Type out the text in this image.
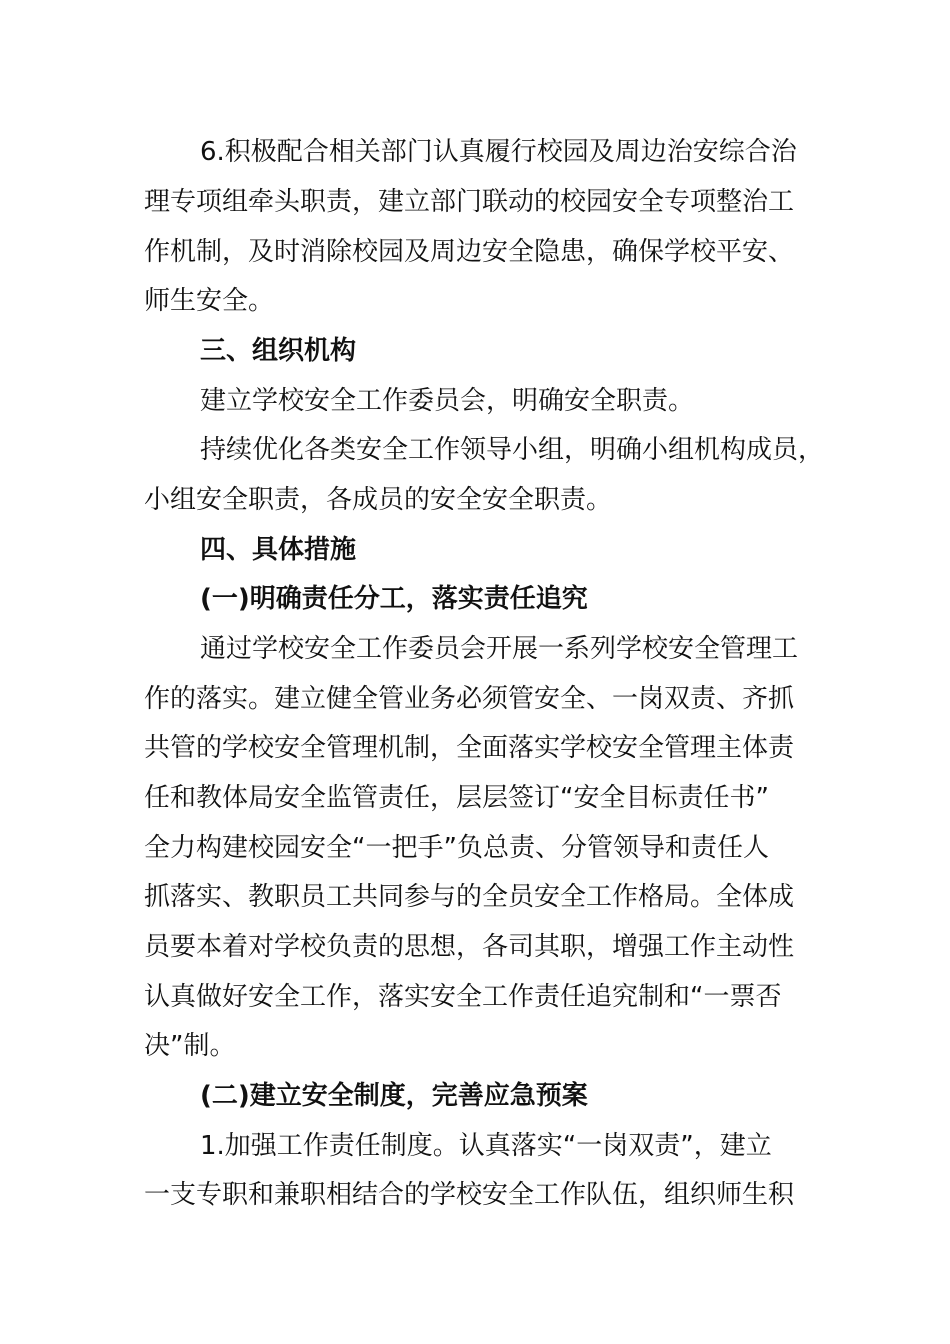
6.积极配合相关部门认真履行校园及周边治安综合治

理专项组牵头职责，建立部门联动的校园安全专项整治工

作机制，及时消除校园及周边安全隐患，确保学校平安、

师生安全。

三、组织机构

建立学校安全工作委员会，明确安全职责。

持续优化各类安全工作领导小组，明确小组机构成员，

小组安全职责，各成员的安全安全职责。

四、具体措施

(一)明确责任分工，落实责任追究

通过学校安全工作委员会开展一系列学校安全管理工

作的落实。建立健全管业务必须管安全、一岗双责、齐抓

共管的学校安全管理机制，全面落实学校安全管理主体责

任和教体局安全监管责任，层层签订“安全目标责任书”

全力构建校园安全“一把手”负总责、分管领导和责任人

抓落实、教职员工共同参与的全员安全工作格局。全体成

员要本着对学校负责的思想，各司其职，增强工作主动性

认真做好安全工作，落实安全工作责任追究制和“一票否

决”制。

(二)建立安全制度，完善应急预案

1.加强工作责任制度。认真落实“一岗双责”，建立

一支专职和兼职相结合的学校安全工作队伍，组织师生积
